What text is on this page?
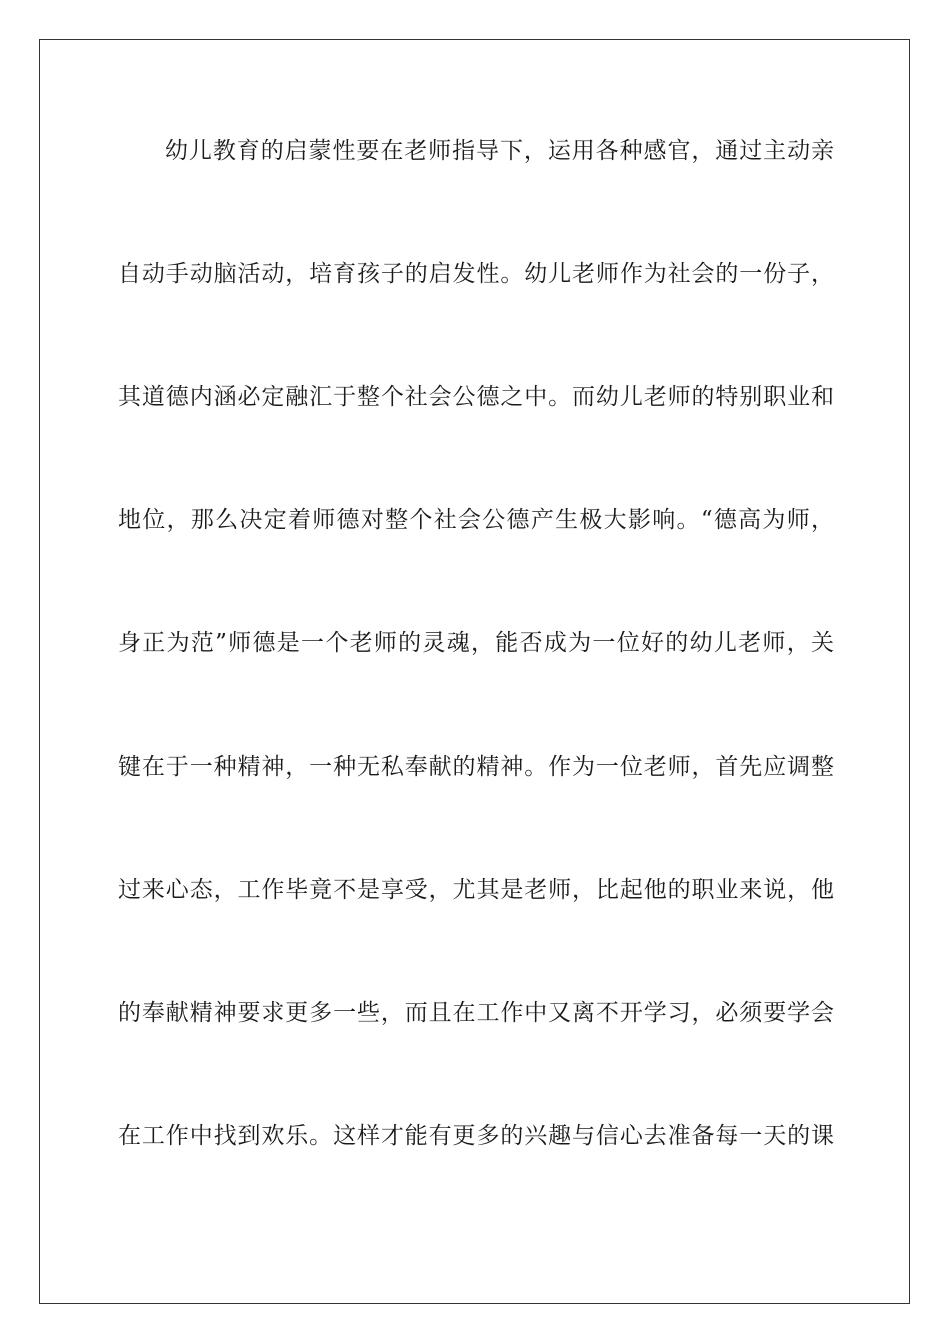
幼儿教育的启蒙性要在老师指导下，运用各种感官，通过主动亲
自动手动脑活动，培育孩子的启发性。幼儿老师作为社会的一份子，
其道德内涵必定融汇于整个社会公德之中。而幼儿老师的特别职业和
地位，那么决定着师德对整个社会公德产生极大影响。“德高为师，
身正为范”师德是一个老师的灵魂，能否成为一位好的幼儿老师，关
键在于一种精神，一种无私奉献的精神。作为一位老师，首先应调整
过来心态，工作毕竟不是享受，尤其是老师，比起他的职业来说，他
的奉献精神要求更多一些，而且在工作中又离不开学习，必须要学会
在工作中找到欢乐。这样才能有更多的兴趣与信心去准备每一天的课
